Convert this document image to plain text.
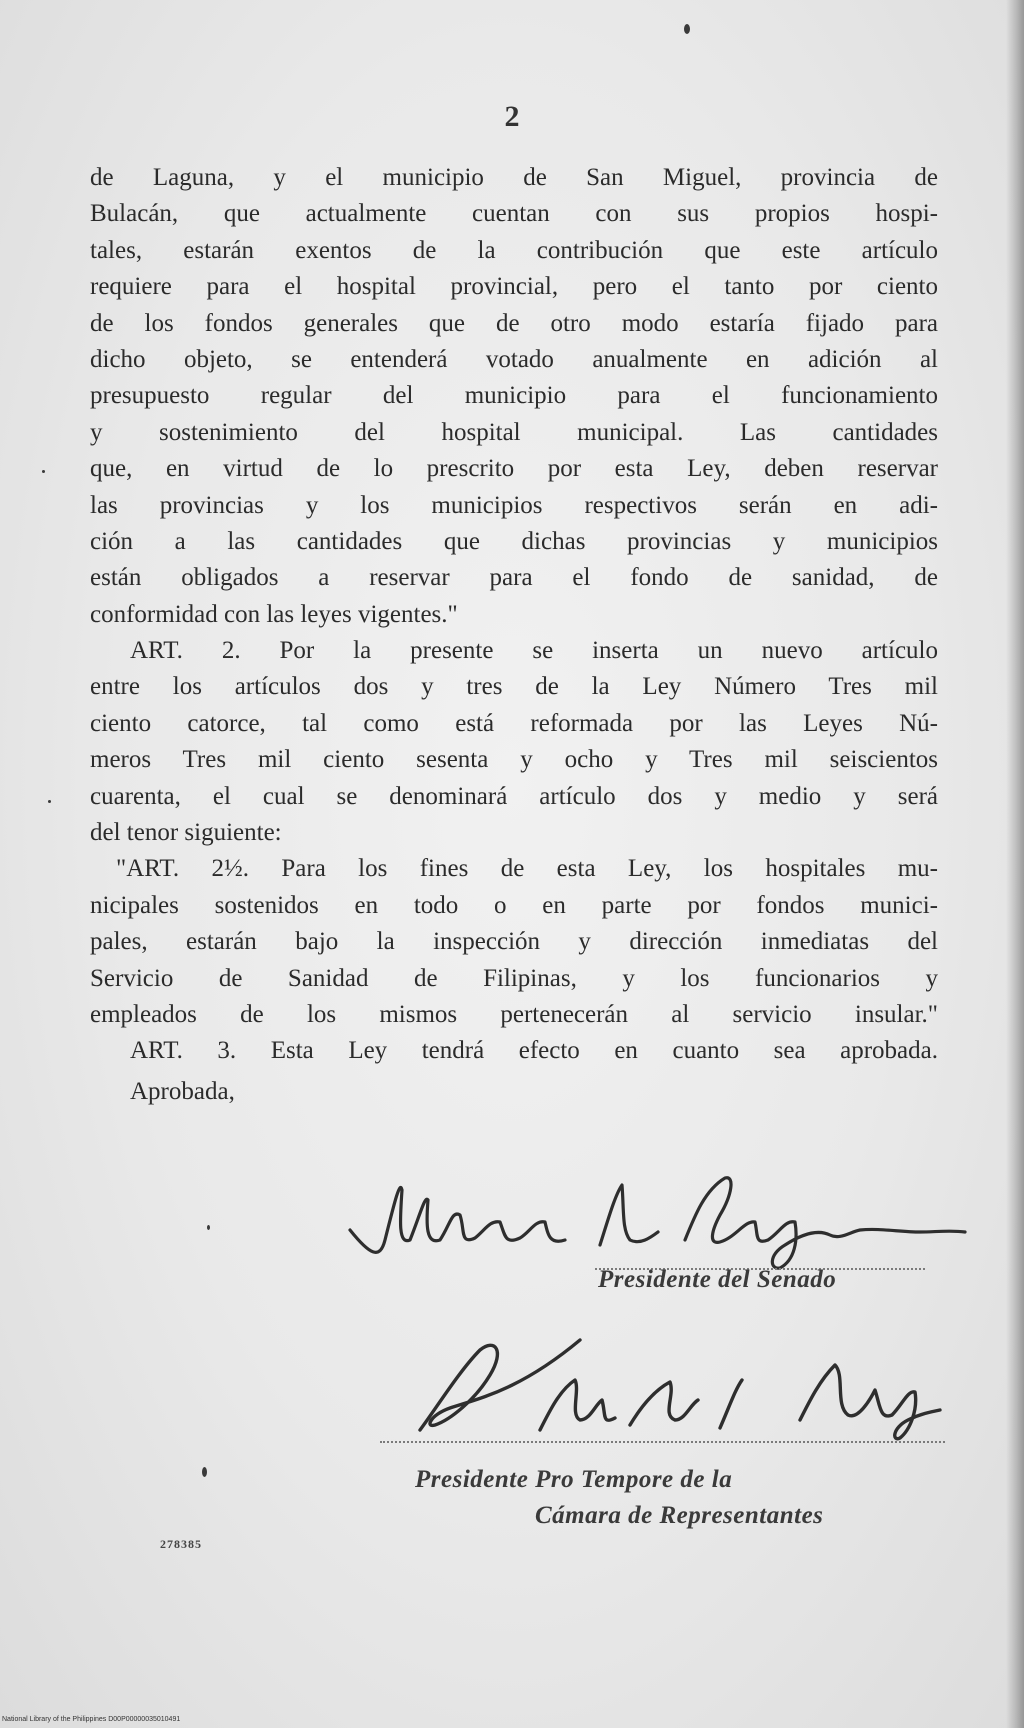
2
de Laguna, y el municipio de San Miguel, provincia de
Bulacán, que actualmente cuentan con sus propios hospi-
tales, estarán exentos de la contribución que este artículo
requiere para el hospital provincial, pero el tanto por ciento
de los fondos generales que de otro modo estaría fijado para
dicho objeto, se entenderá votado anualmente en adición al
presupuesto regular del municipio para el funcionamiento
y sostenimiento del hospital municipal. Las cantidades
que, en virtud de lo prescrito por esta Ley, deben reservar
las provincias y los municipios respectivos serán en adi-
ción a las cantidades que dichas provincias y municipios
están obligados a reservar para el fondo de sanidad, de
conformidad con las leyes vigentes."
ART. 2. Por la presente se inserta un nuevo artículo
entre los artículos dos y tres de la Ley Número Tres mil
ciento catorce, tal como está reformada por las Leyes Nú-
meros Tres mil ciento sesenta y ocho y Tres mil seiscientos
cuarenta, el cual se denominará artículo dos y medio y será
del tenor siguiente:
"ART. 2½. Para los fines de esta Ley, los hospitales mu-
nicipales sostenidos en todo o en parte por fondos munici-
pales, estarán bajo la inspección y dirección inmediatas del
Servicio de Sanidad de Filipinas, y los funcionarios y
empleados de los mismos pertenecerán al servicio insular."
ART. 3. Esta Ley tendrá efecto en cuanto sea aprobada.
Aprobada,
Presidente del Senado
Presidente Pro Tempore de la
Cámara de Representantes
278385
National Library of the Philippines D00P00000035010491
